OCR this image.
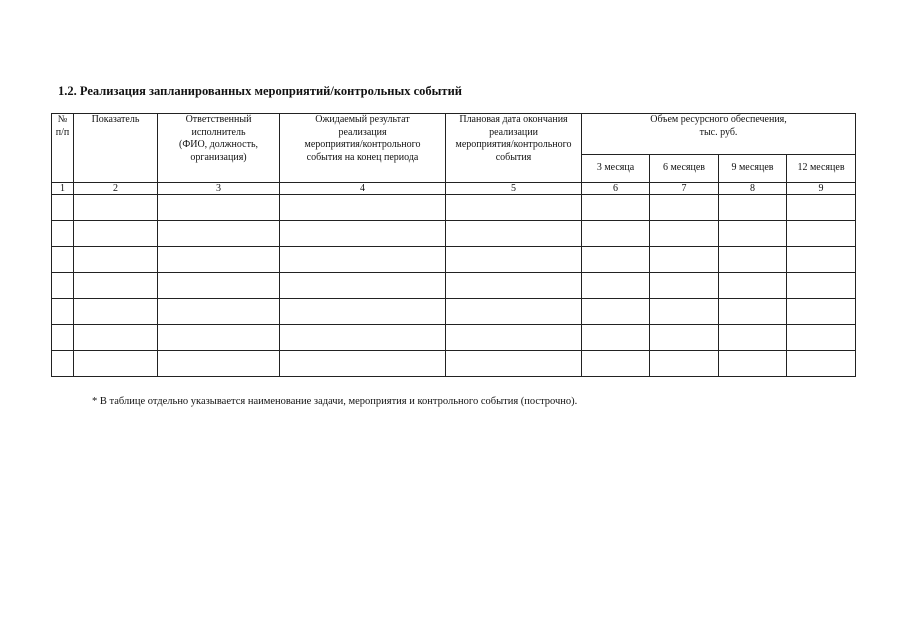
1.2. Реализация запланированных мероприятий/контрольных событий
№
п/п	Показатель	Ответственный
исполнитель
(ФИО, должность,
организация)	Ожидаемый результат
реализация
мероприятия/контрольного
события на конец периода	Плановая дата окончания
реализации
мероприятия/контрольного
события	Объем ресурсного обеспечения,
тыс. руб.			
					3 месяца	6 месяцев	9 месяцев	12 месяцев
1	2	3	4	5	6	7	8	9

* В таблице отдельно указывается наименование задачи, мероприятия и контрольного события (построчно).
